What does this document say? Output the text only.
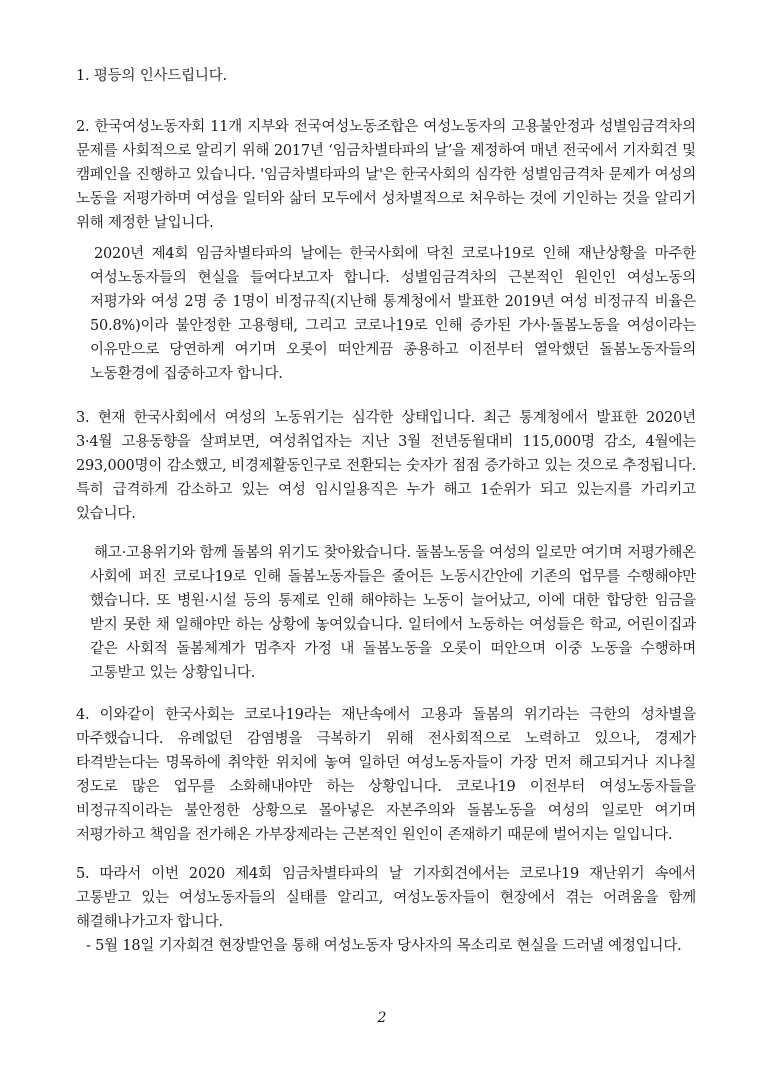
1. 평등의 인사드립니다.
2. 한국여성노동자회 11개 지부와 전국여성노동조합은 여성노동자의 고용불안정과 성별임금격차의 문제를 사회적으로 알리기 위해 2017년 ‘임금차별타파의 날’을 제정하여 매년 전국에서 기자회견 및 캠페인을 진행하고 있습니다. '임금차별타파의 날'은 한국사회의 심각한 성별임금격차 문제가 여성의 노동을 저평가하며 여성을 일터와 삶터 모두에서 성차별적으로 처우하는 것에 기인하는 것을 알리기 위해 제정한 날입니다.
2020년 제4회 임금차별타파의 날에는 한국사회에 닥친 코로나19로 인해 재난상황을 마주한 여성노동자들의 현실을 들여다보고자 합니다. 성별임금격차의 근본적인 원인인 여성노동의 저평가와 여성 2명 중 1명이 비정규직(지난해 통계청에서 발표한 2019년 여성 비정규직 비율은 50.8%)이라 불안정한 고용형태, 그리고 코로나19로 인해 증가된 가사·돌봄노동을 여성이라는 이유만으로 당연하게 여기며 오롯이 떠안게끔 종용하고 이전부터 열악했던 돌봄노동자들의 노동환경에 집중하고자 합니다.
3. 현재 한국사회에서 여성의 노동위기는 심각한 상태입니다. 최근 통계청에서 발표한 2020년 3·4월 고용동향을 살펴보면, 여성취업자는 지난 3월 전년동월대비 115,000명 감소, 4월에는 293,000명이 감소했고, 비경제활동인구로 전환되는 숫자가 점점 증가하고 있는 것으로 추정됩니다. 특히 급격하게 감소하고 있는 여성 임시일용직은 누가 해고 1순위가 되고 있는지를 가리키고 있습니다.
해고·고용위기와 함께 돌봄의 위기도 찾아왔습니다. 돌봄노동을 여성의 일로만 여기며 저평가해온 사회에 퍼진 코로나19로 인해 돌봄노동자들은 줄어든 노동시간안에 기존의 업무를 수행해야만 했습니다. 또 병원·시설 등의 통제로 인해 해야하는 노동이 늘어났고, 이에 대한 합당한 임금을 받지 못한 채 일해야만 하는 상황에 놓여있습니다. 일터에서 노동하는 여성들은 학교, 어린이집과 같은 사회적 돌봄체계가 멈추자 가정 내 돌봄노동을 오롯이 떠안으며 이중 노동을 수행하며 고통받고 있는 상황입니다.
4. 이와같이 한국사회는 코로나19라는 재난속에서 고용과 돌봄의 위기라는 극한의 성차별을 마주했습니다. 유례없던 감염병을 극복하기 위해 전사회적으로 노력하고 있으나, 경제가 타격받는다는 명목하에 취약한 위치에 놓여 일하던 여성노동자들이 가장 먼저 해고되거나 지나칠 정도로 많은 업무를 소화해내야만 하는 상황입니다. 코로나19 이전부터 여성노동자들을 비정규직이라는 불안정한 상황으로 몰아넣은 자본주의와 돌봄노동을 여성의 일로만 여기며 저평가하고 책임을 전가해온 가부장제라는 근본적인 원인이 존재하기 때문에 벌어지는 일입니다.
5. 따라서 이번 2020 제4회 임금차별타파의 날 기자회견에서는 코로나19 재난위기 속에서 고통받고 있는 여성노동자들의 실태를 알리고, 여성노동자들이 현장에서 겪는 어려움을 함께 해결해나가고자 합니다.
- 5월 18일 기자회견 현장발언을 통해 여성노동자 당사자의 목소리로 현실을 드러낼 예정입니다.
2
